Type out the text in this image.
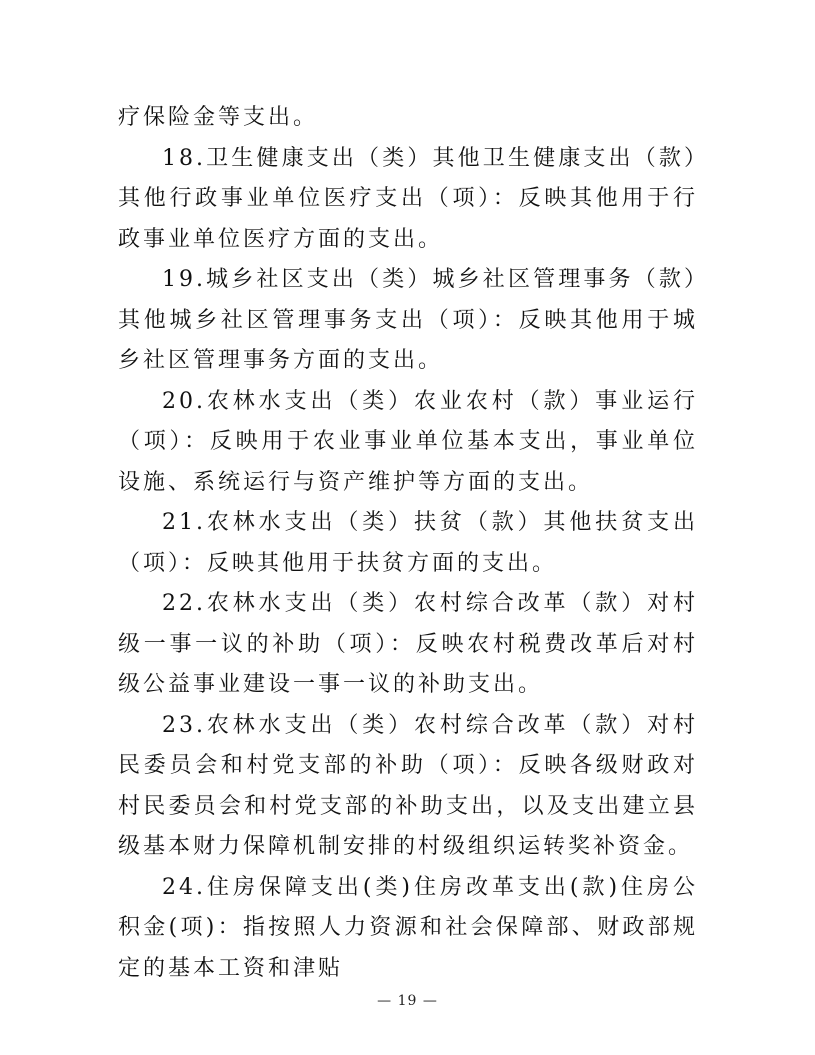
疗保险金等支出。

18.卫生健康支出（类）其他卫生健康支出（款）其他行政事业单位医疗支出（项）：反映其他用于行政事业单位医疗方面的支出。

19.城乡社区支出（类）城乡社区管理事务（款）其他城乡社区管理事务支出（项）：反映其他用于城乡社区管理事务方面的支出。

20.农林水支出（类）农业农村（款）事业运行（项）：反映用于农业事业单位基本支出，事业单位设施、系统运行与资产维护等方面的支出。

21.农林水支出（类）扶贫（款）其他扶贫支出（项）：反映其他用于扶贫方面的支出。

22.农林水支出（类）农村综合改革（款）对村级一事一议的补助（项）：反映农村税费改革后对村级公益事业建设一事一议的补助支出。

23.农林水支出（类）农村综合改革（款）对村民委员会和村党支部的补助（项）：反映各级财政对村民委员会和村党支部的补助支出，以及支出建立县级基本财力保障机制安排的村级组织运转奖补资金。

24.住房保障支出(类)住房改革支出(款)住房公积金(项)：指按照人力资源和社会保障部、财政部规定的基本工资和津贴

— 19 —
